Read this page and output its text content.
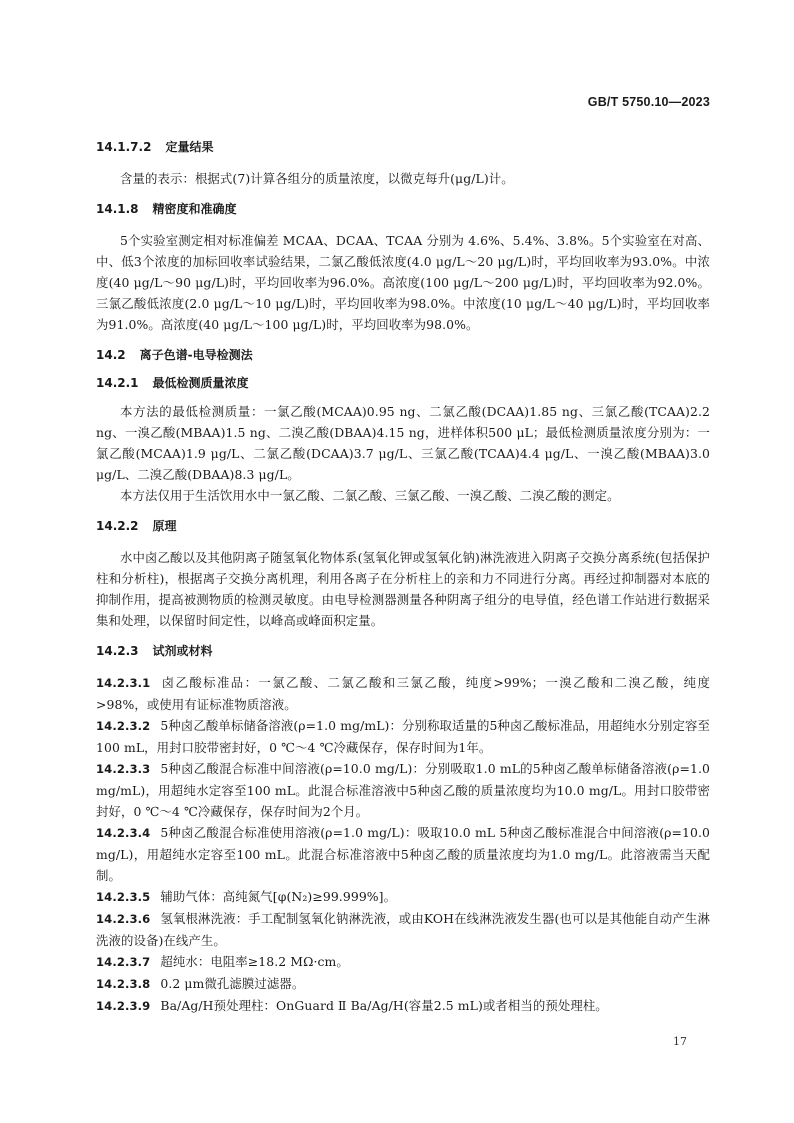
GB/T 5750.10—2023

14.1.7.2 定量结果

含量的表示：根据式(7)计算各组分的质量浓度，以微克每升(μg/L)计。

14.1.8 精密度和准确度

5个实验室测定相对标准偏差 MCAA、DCAA、TCAA 分别为 4.6%、5.4%、3.8%。5个实验室在对高、中、低3个浓度的加标回收率试验结果，二氯乙酸低浓度(4.0 μg/L～20 μg/L)时，平均回收率为93.0%。中浓度(40 μg/L～90 μg/L)时，平均回收率为96.0%。高浓度(100 μg/L～200 μg/L)时，平均回收率为92.0%。三氯乙酸低浓度(2.0 μg/L～10 μg/L)时，平均回收率为98.0%。中浓度(10 μg/L～40 μg/L)时，平均回收率为91.0%。高浓度(40 μg/L～100 μg/L)时，平均回收率为98.0%。

14.2 离子色谱-电导检测法

14.2.1 最低检测质量浓度

本方法的最低检测质量：一氯乙酸(MCAA)0.95 ng、二氯乙酸(DCAA)1.85 ng、三氯乙酸(TCAA)2.2 ng、一溴乙酸(MBAA)1.5 ng、二溴乙酸(DBAA)4.15 ng，进样体积500 μL；最低检测质量浓度分别为：一氯乙酸(MCAA)1.9 μg/L、二氯乙酸(DCAA)3.7 μg/L、三氯乙酸(TCAA)4.4 μg/L、一溴乙酸(MBAA)3.0 μg/L、二溴乙酸(DBAA)8.3 μg/L。

本方法仅用于生活饮用水中一氯乙酸、二氯乙酸、三氯乙酸、一溴乙酸、二溴乙酸的测定。

14.2.2 原理

水中卤乙酸以及其他阴离子随氢氧化物体系(氢氧化钾或氢氧化钠)淋洗液进入阴离子交换分离系统(包括保护柱和分析柱)，根据离子交换分离机理，利用各离子在分析柱上的亲和力不同进行分离。再经过抑制器对本底的抑制作用，提高被测物质的检测灵敏度。由电导检测器测量各种阴离子组分的电导值，经色谱工作站进行数据采集和处理，以保留时间定性，以峰高或峰面积定量。

14.2.3 试剂或材料

14.2.3.1 卤乙酸标准品：一氯乙酸、二氯乙酸和三氯乙酸，纯度>99%；一溴乙酸和二溴乙酸，纯度>98%，或使用有证标准物质溶液。

14.2.3.2 5种卤乙酸单标储备溶液(ρ=1.0 mg/mL)：分别称取适量的5种卤乙酸标准品，用超纯水分别定容至100 mL，用封口胶带密封好，0 ℃～4 ℃冷藏保存，保存时间为1年。

14.2.3.3 5种卤乙酸混合标准中间溶液(ρ=10.0 mg/L)：分别吸取1.0 mL的5种卤乙酸单标储备溶液(ρ=1.0 mg/mL)，用超纯水定容至100 mL。此混合标准溶液中5种卤乙酸的质量浓度均为10.0 mg/L。用封口胶带密封好，0 ℃～4 ℃冷藏保存，保存时间为2个月。

14.2.3.4 5种卤乙酸混合标准使用溶液(ρ=1.0 mg/L)：吸取10.0 mL 5种卤乙酸标准混合中间溶液(ρ=10.0 mg/L)，用超纯水定容至100 mL。此混合标准溶液中5种卤乙酸的质量浓度均为1.0 mg/L。此溶液需当天配制。

14.2.3.5 辅助气体：高纯氮气[φ(N₂)≥99.999%]。

14.2.3.6 氢氧根淋洗液：手工配制氢氧化钠淋洗液，或由KOH在线淋洗液发生器(也可以是其他能自动产生淋洗液的设备)在线产生。

14.2.3.7 超纯水：电阻率≥18.2 MΩ·cm。

14.2.3.8 0.2 μm微孔滤膜过滤器。

14.2.3.9 Ba/Ag/H预处理柱：OnGuard Ⅱ Ba/Ag/H(容量2.5 mL)或者相当的预处理柱。

17
